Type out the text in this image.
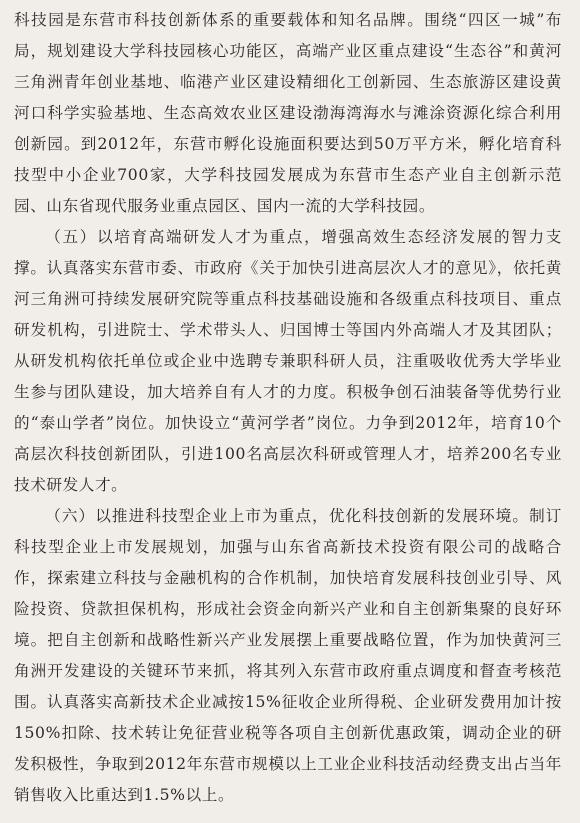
科技园是东营市科技创新体系的重要载体和知名品牌。围绕“四区一城”布局，规划建设大学科技园核心功能区，高端产业区重点建设“生态谷”和黄河三角洲青年创业基地、临港产业区建设精细化工创新园、生态旅游区建设黄河口科学实验基地、生态高效农业区建设渤海湾海水与滩涂资源化综合利用创新园。到2012年，东营市孵化设施面积要达到50万平方米，孵化培育科技型中小企业700家，大学科技园发展成为东营市生态产业自主创新示范园、山东省现代服务业重点园区、国内一流的大学科技园。

（五）以培育高端研发人才为重点，增强高效生态经济发展的智力支撑。认真落实东营市委、市政府《关于加快引进高层次人才的意见》，依托黄河三角洲可持续发展研究院等重点科技基础设施和各级重点科技项目、重点研发机构，引进院士、学术带头人、归国博士等国内外高端人才及其团队；从研发机构依托单位或企业中选聘专兼职科研人员，注重吸收优秀大学毕业生参与团队建设，加大培养自有人才的力度。积极争创石油装备等优势行业的“泰山学者”岗位。加快设立“黄河学者”岗位。力争到2012年，培育10个高层次科技创新团队，引进100名高层次科研或管理人才，培养200名专业技术研发人才。

（六）以推进科技型企业上市为重点，优化科技创新的发展环境。制订科技型企业上市发展规划，加强与山东省高新技术投资有限公司的战略合作，探索建立科技与金融机构的合作机制，加快培育发展科技创业引导、风险投资、贷款担保机构，形成社会资金向新兴产业和自主创新集聚的良好环境。把自主创新和战略性新兴产业发展摆上重要战略位置，作为加快黄河三角洲开发建设的关键环节来抓，将其列入东营市政府重点调度和督查考核范围。认真落实高新技术企业减按15%征收企业所得税、企业研发费用加计按150%扣除、技术转让免征营业税等各项自主创新优惠政策，调动企业的研发积极性，争取到2012年东营市规模以上工业企业科技活动经费支出占当年销售收入比重达到1.5%以上。
